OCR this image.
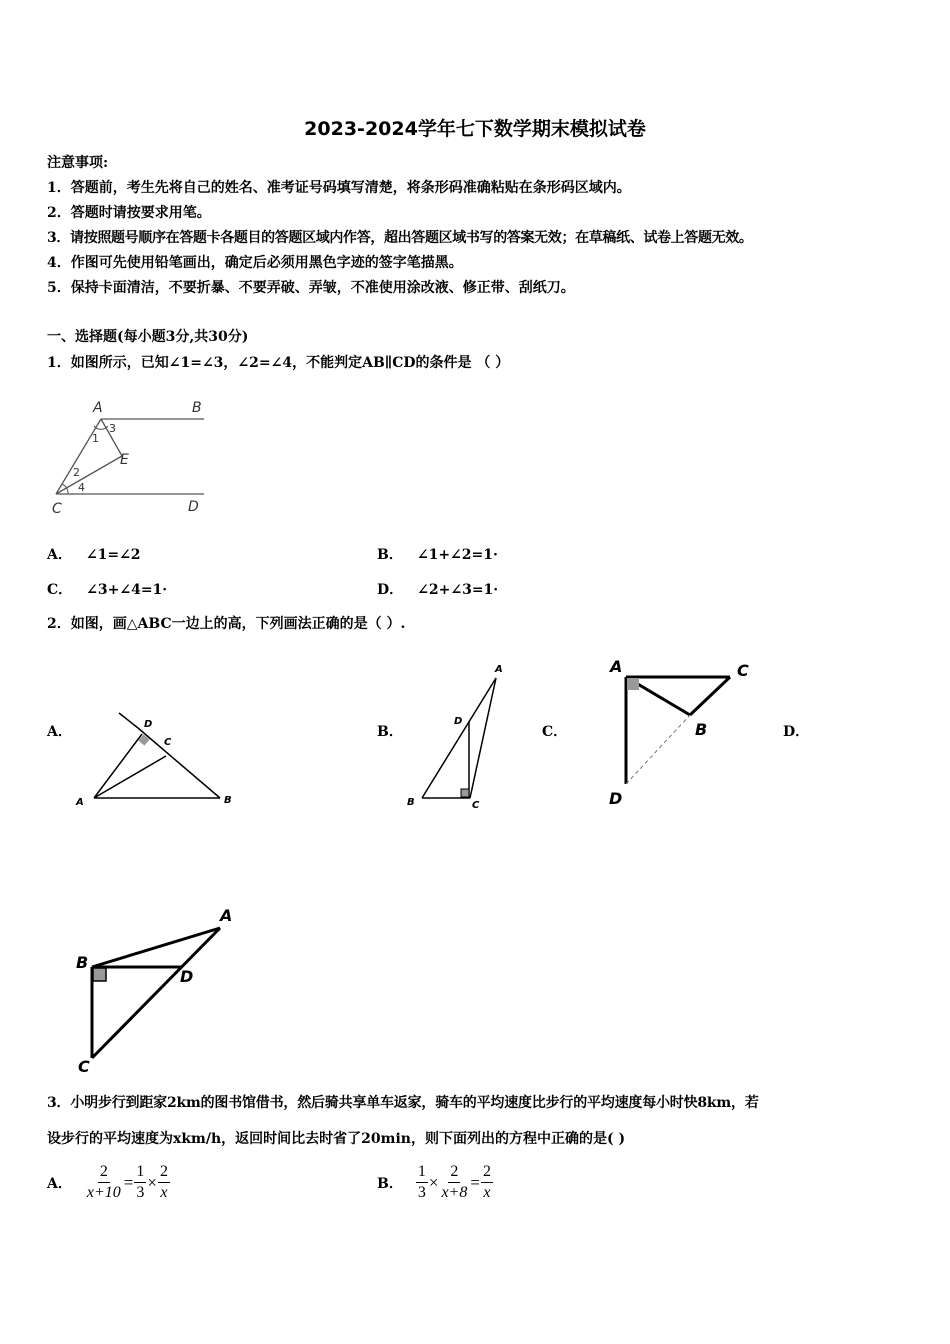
2023-2024学年七下数学期末模拟试卷
注意事项:
1．答题前，考生先将自己的姓名、准考证号码填写清楚，将条形码准确粘贴在条形码区域内。
2．答题时请按要求用笔。
3．请按照题号顺序在答题卡各题目的答题区域内作答，超出答题区域书写的答案无效；在草稿纸、试卷上答题无效。
4．作图可先使用铅笔画出，确定后必须用黑色字迹的签字笔描黑。
5．保持卡面清洁，不要折暴、不要弄破、弄皱，不准使用涂改液、修正带、刮纸刀。
一、选择题(每小题3分,共30分)
1．如图所示，已知∠1=∠3，∠2=∠4，不能判定AB∥CD的条件是 （ ）
A	B
E
C	D
1
3
2
4
A． ∠1=∠2	B． ∠1+∠2=1·
C． ∠3+∠4=1·	D． ∠2+∠3=1·
2．如图，画△ABC一边上的高，下列画法正确的是（ ）.
A．	B．	C．	D．
A	B
C
D
A
B	C
D
A	C
B
D
A
B
D
C
3．小明步行到距家2km的图书馆借书，然后骑共享单车返家，骑车的平均速度比步行的平均速度每小时快8km，若
设步行的平均速度为xkm/h，返回时间比去时省了20min，则下面列出的方程中正确的是( )
A． $\frac{2}{x+10} = \frac{1}{3} \times \frac{2}{x}$	B． $\frac{1}{3} \times \frac{2}{x+8} = \frac{2}{x}$
